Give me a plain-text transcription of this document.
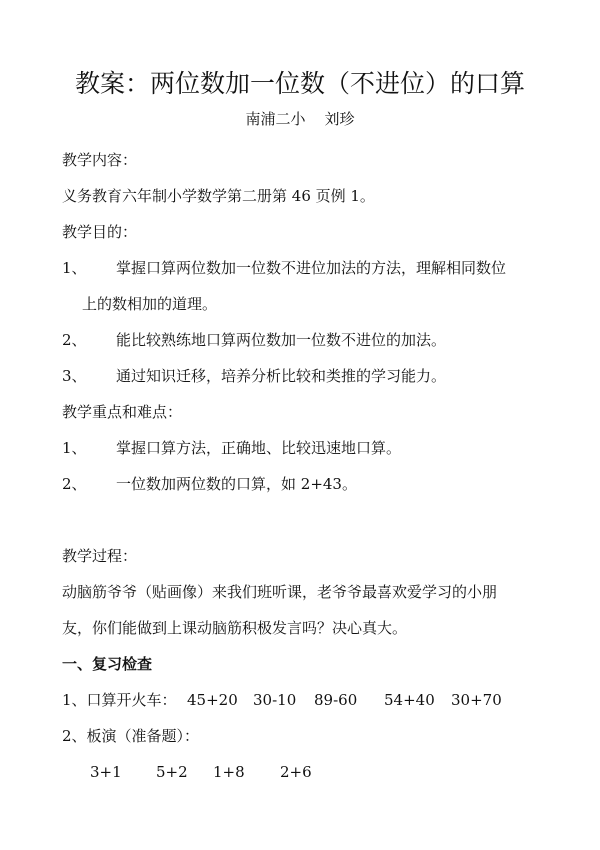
教案：两位数加一位数（不进位）的口算
南浦二小    刘珍
教学内容：
义务教育六年制小学数学第二册第 46 页例 1。
教学目的：
1、 掌握口算两位数加一位数不进位加法的方法，理解相同数位
上的数相加的道理。
2、 能比较熟练地口算两位数加一位数不进位的加法。
3、 通过知识迁移，培养分析比较和类推的学习能力。
教学重点和难点：
1、 掌握口算方法，正确地、比较迅速地口算。
2、 一位数加两位数的口算，如 2+43。
教学过程：
动脑筋爷爷（贴画像）来我们班听课，老爷爷最喜欢爱学习的小朋
友，你们能做到上课动脑筋积极发言吗？决心真大。
一、复习检查
1、口算开火车： 45+20 30-10 89-60 54+40 30+70
2、板演（准备题）：
3+1 5+2 1+8 2+6
